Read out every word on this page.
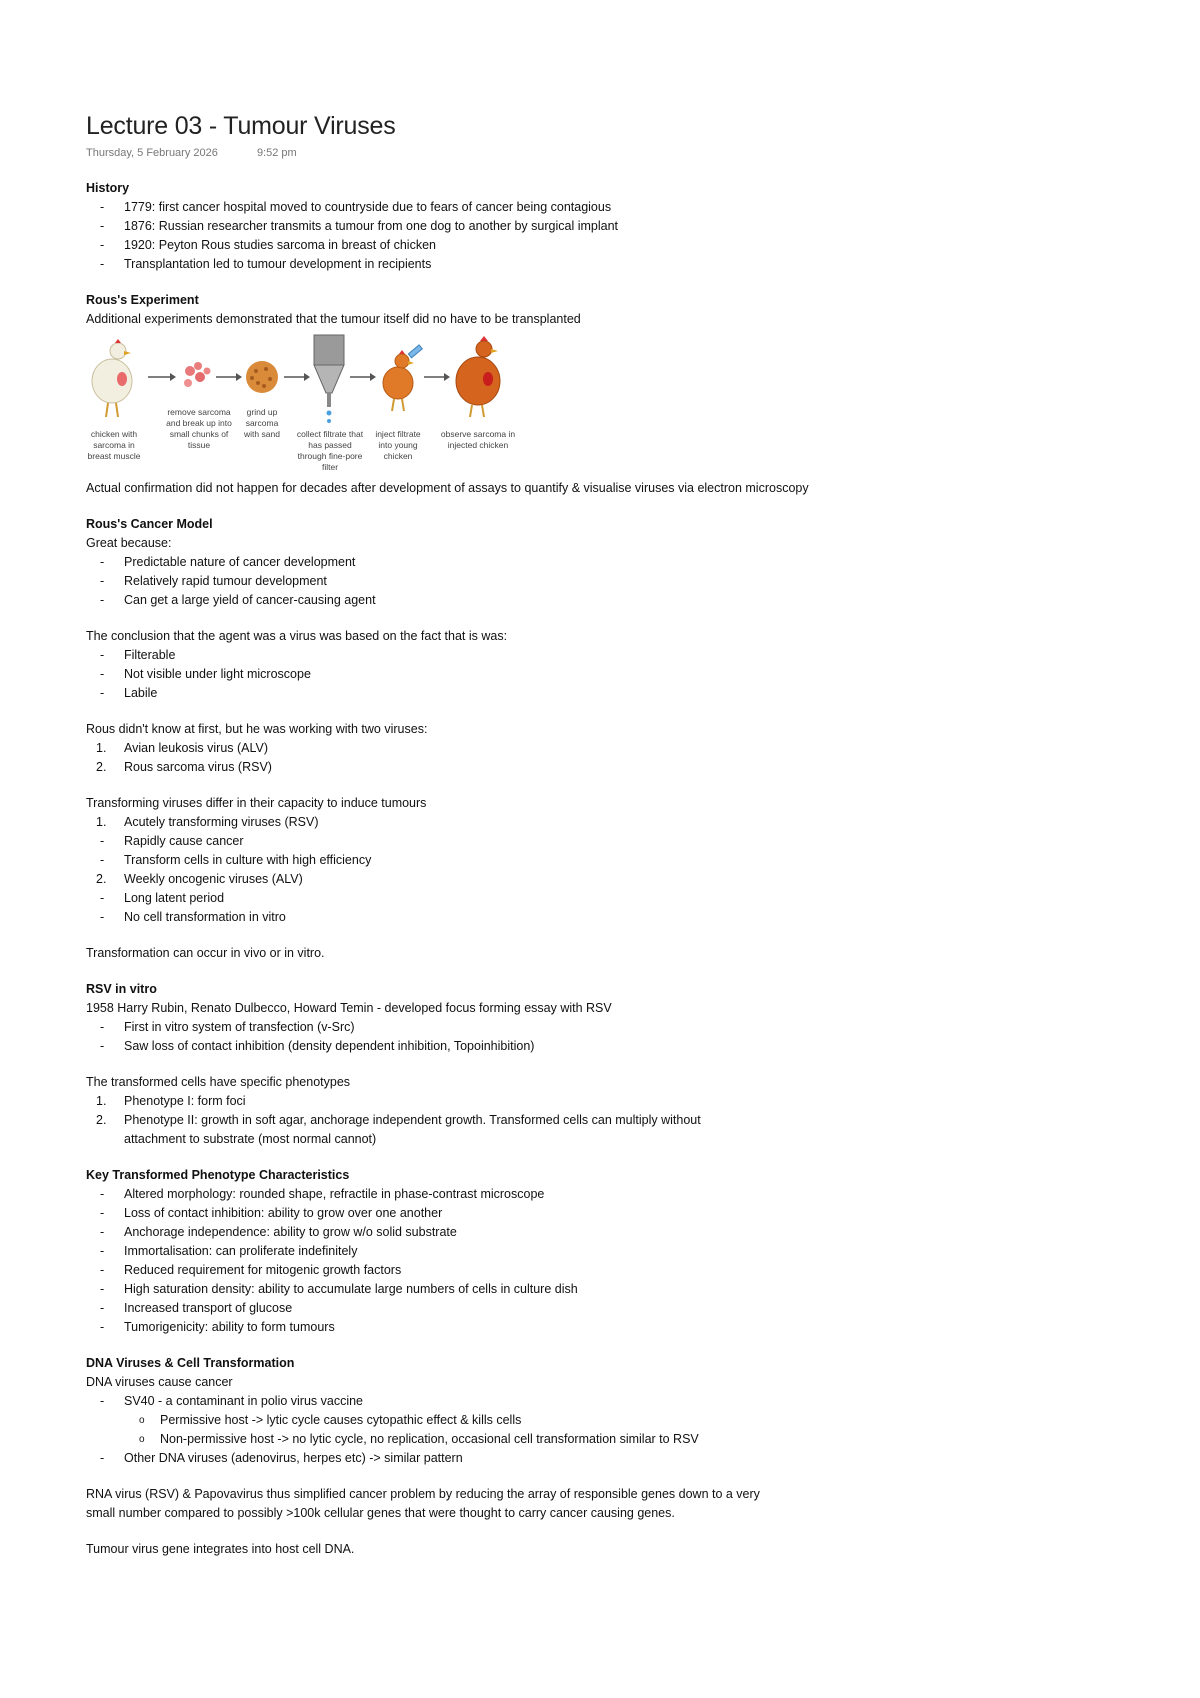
Lecture 03 - Tumour Viruses
Thursday, 5 February 2026	9:52 pm
History
- 1779: first cancer hospital moved to countryside due to fears of cancer being contagious
- 1876: Russian researcher transmits a tumour from one dog to another by surgical implant
- 1920: Peyton Rous studies sarcoma in breast of chicken
- Transplantation led to tumour development in recipients
Rous's Experiment
Additional experiments demonstrated that the tumour itself did no have to be transplanted
chicken with sarcoma in breast muscle
remove sarcoma and break up into small chunks of tissue
grind up sarcoma with sand	collect filtrate that has passed through fine-pore filter
inject filtrate into young chicken
observe sarcoma in injected chicken
Actual confirmation did not happen for decades after development of assays to quantify & visualise viruses via electron microscopy
Rous's Cancer Model
Great because:
- Predictable nature of cancer development
- Relatively rapid tumour development
- Can get a large yield of cancer-causing agent
The conclusion that the agent was a virus was based on the fact that is was:
- Filterable
- Not visible under light microscope
- Labile
Rous didn't know at first, but he was working with two viruses:
1. Avian leukosis virus (ALV)
2. Rous sarcoma virus (RSV)
Transforming viruses differ in their capacity to induce tumours
1. Acutely transforming viruses (RSV)
- Rapidly cause cancer
- Transform cells in culture with high efficiency
2. Weekly oncogenic viruses (ALV)
- Long latent period
- No cell transformation in vitro
Transformation can occur in vivo or in vitro.
RSV in vitro
1958 Harry Rubin, Renato Dulbecco, Howard Temin - developed focus forming essay with RSV
- First in vitro system of transfection (v-Src)
- Saw loss of contact inhibition (density dependent inhibition, Topoinhibition)
The transformed cells have specific phenotypes
1. Phenotype I: form foci
2. Phenotype II: growth in soft agar, anchorage independent growth. Transformed cells can multiply without
attachment to substrate (most normal cannot)
Key Transformed Phenotype Characteristics
- Altered morphology: rounded shape, refractile in phase-contrast microscope
- Loss of contact inhibition: ability to grow over one another
- Anchorage independence: ability to grow w/o solid substrate
- Immortalisation: can proliferate indefinitely
- Reduced requirement for mitogenic growth factors
- High saturation density: ability to accumulate large numbers of cells in culture dish
- Increased transport of glucose
- Tumorigenicity: ability to form tumours
DNA Viruses & Cell Transformation
DNA viruses cause cancer
- SV40 - a contaminant in polio virus vaccine
o Permissive host -> lytic cycle causes cytopathic effect & kills cells
o Non-permissive host -> no lytic cycle, no replication, occasional cell transformation similar to RSV
- Other DNA viruses (adenovirus, herpes etc) -> similar pattern
RNA virus (RSV) & Papovavirus thus simplified cancer problem by reducing the array of responsible genes down to a very
small number compared to possibly >100k cellular genes that were thought to carry cancer causing genes.
Tumour virus gene integrates into host cell DNA.
